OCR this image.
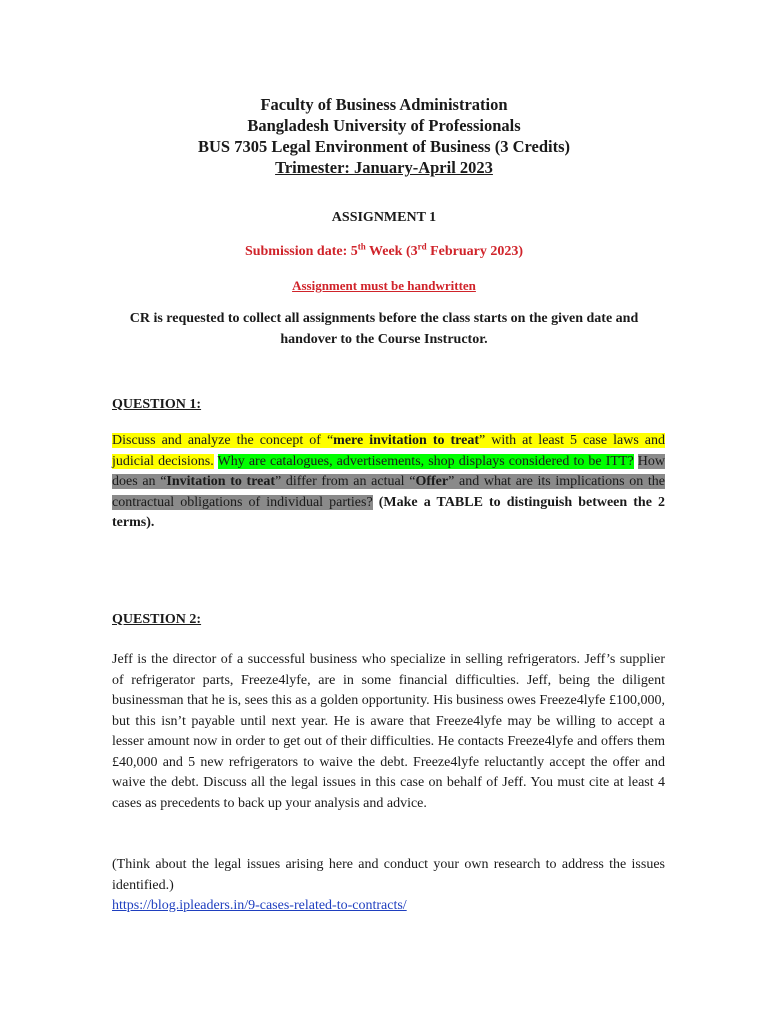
Faculty of Business Administration
Bangladesh University of Professionals
BUS 7305 Legal Environment of Business (3 Credits)
Trimester: January-April 2023
ASSIGNMENT 1
Submission date: 5th Week (3rd February 2023)
Assignment must be handwritten
CR is requested to collect all assignments before the class starts on the given date and
handover to the Course Instructor.
QUESTION 1:
Discuss and analyze the concept of “mere invitation to treat” with at least 5 case laws and judicial decisions. Why are catalogues, advertisements, shop displays considered to be ITT? How does an “Invitation to treat” differ from an actual “Offer” and what are its implications on the contractual obligations of individual parties? (Make a TABLE to distinguish between the 2 terms).
QUESTION 2:
Jeff is the director of a successful business who specialize in selling refrigerators. Jeff’s supplier of refrigerator parts, Freeze4lyfe, are in some financial difficulties. Jeff, being the diligent businessman that he is, sees this as a golden opportunity. His business owes Freeze4lyfe £100,000, but this isn’t payable until next year. He is aware that Freeze4lyfe may be willing to accept a lesser amount now in order to get out of their difficulties. He contacts Freeze4lyfe and offers them £40,000 and 5 new refrigerators to waive the debt. Freeze4lyfe reluctantly accept the offer and waive the debt. Discuss all the legal issues in this case on behalf of Jeff. You must cite at least 4 cases as precedents to back up your analysis and advice.
(Think about the legal issues arising here and conduct your own research to address the issues identified.)
https://blog.ipleaders.in/9-cases-related-to-contracts/
